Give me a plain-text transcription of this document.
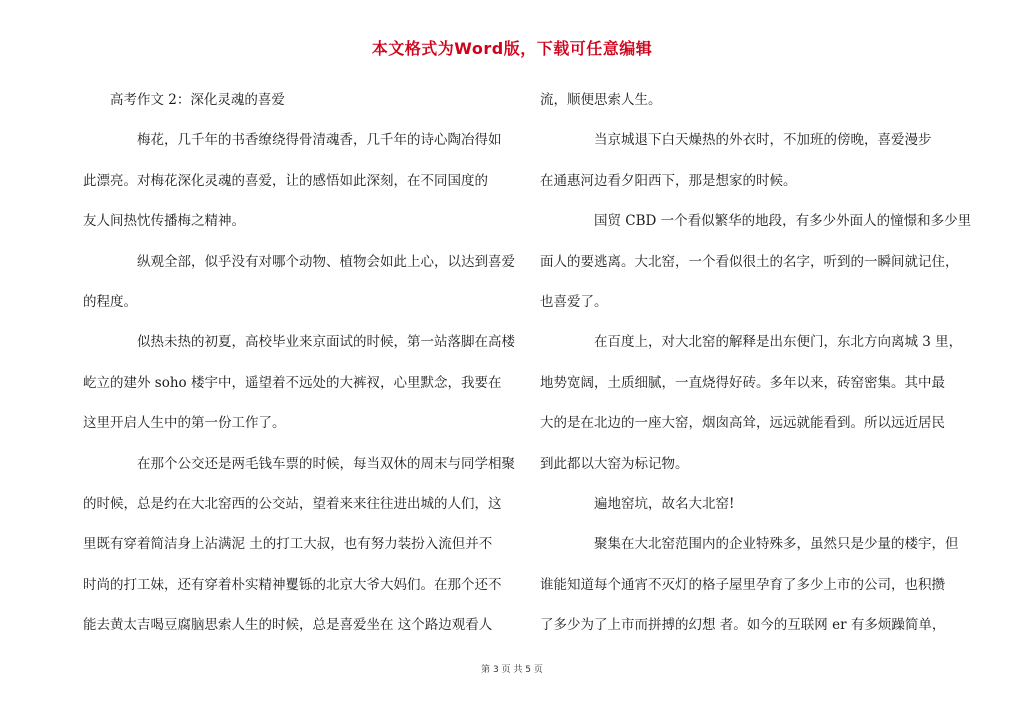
本文格式为Word版，下载可任意编辑
　　高考作文 2：深化灵魂的喜爱
　　　　梅花，几千年的书香缭绕得骨清魂香，几千年的诗心陶冶得如
此漂亮。对梅花深化灵魂的喜爱，让的感悟如此深刻，在不同国度的
友人间热忱传播梅之精神。
　　　　纵观全部，似乎没有对哪个动物、植物会如此上心，以达到喜爱
的程度。
　　　　似热未热的初夏，高校毕业来京面试的时候，第一站落脚在高楼
屹立的建外 soho 楼宇中，遥望着不远处的大裤衩，心里默念，我要在
这里开启人生中的第一份工作了。
　　　　在那个公交还是两毛钱车票的时候，每当双休的周末与同学相聚
的时候，总是约在大北窑西的公交站，望着来来往往进出城的人们，这
里既有穿着简洁身上沾满泥 土的打工大叔，也有努力装扮入流但并不
时尚的打工妹，还有穿着朴实精神矍铄的北京大爷大妈们。在那个还不
能去黄太吉喝豆腐脑思索人生的时候，总是喜爱坐在 这个路边观看人
流，顺便思索人生。
　　　　当京城退下白天燥热的外衣时，不加班的傍晚，喜爱漫步
在通惠河边看夕阳西下，那是想家的时候。
　　　　国贸 CBD 一个看似繁华的地段，有多少外面人的憧憬和多少里
面人的要逃离。大北窑，一个看似很土的名字，听到的一瞬间就记住，
也喜爱了。
　　　　在百度上，对大北窑的解释是出东便门，东北方向离城 3 里，
地势宽阔，土质细腻，一直烧得好砖。多年以来，砖窑密集。其中最
大的是在北边的一座大窑，烟囱高耸，远远就能看到。所以远近居民
到此都以大窑为标记物。
　　　　遍地窑坑，故名大北窑!
　　　　聚集在大北窑范围内的企业特殊多，虽然只是少量的楼宇，但
谁能知道每个通宵不灭灯的格子屋里孕育了多少上市的公司，也积攒
了多少为了上市而拼搏的幻想 者。如今的互联网 er 有多烦躁简单，
第 3 页 共 5 页
